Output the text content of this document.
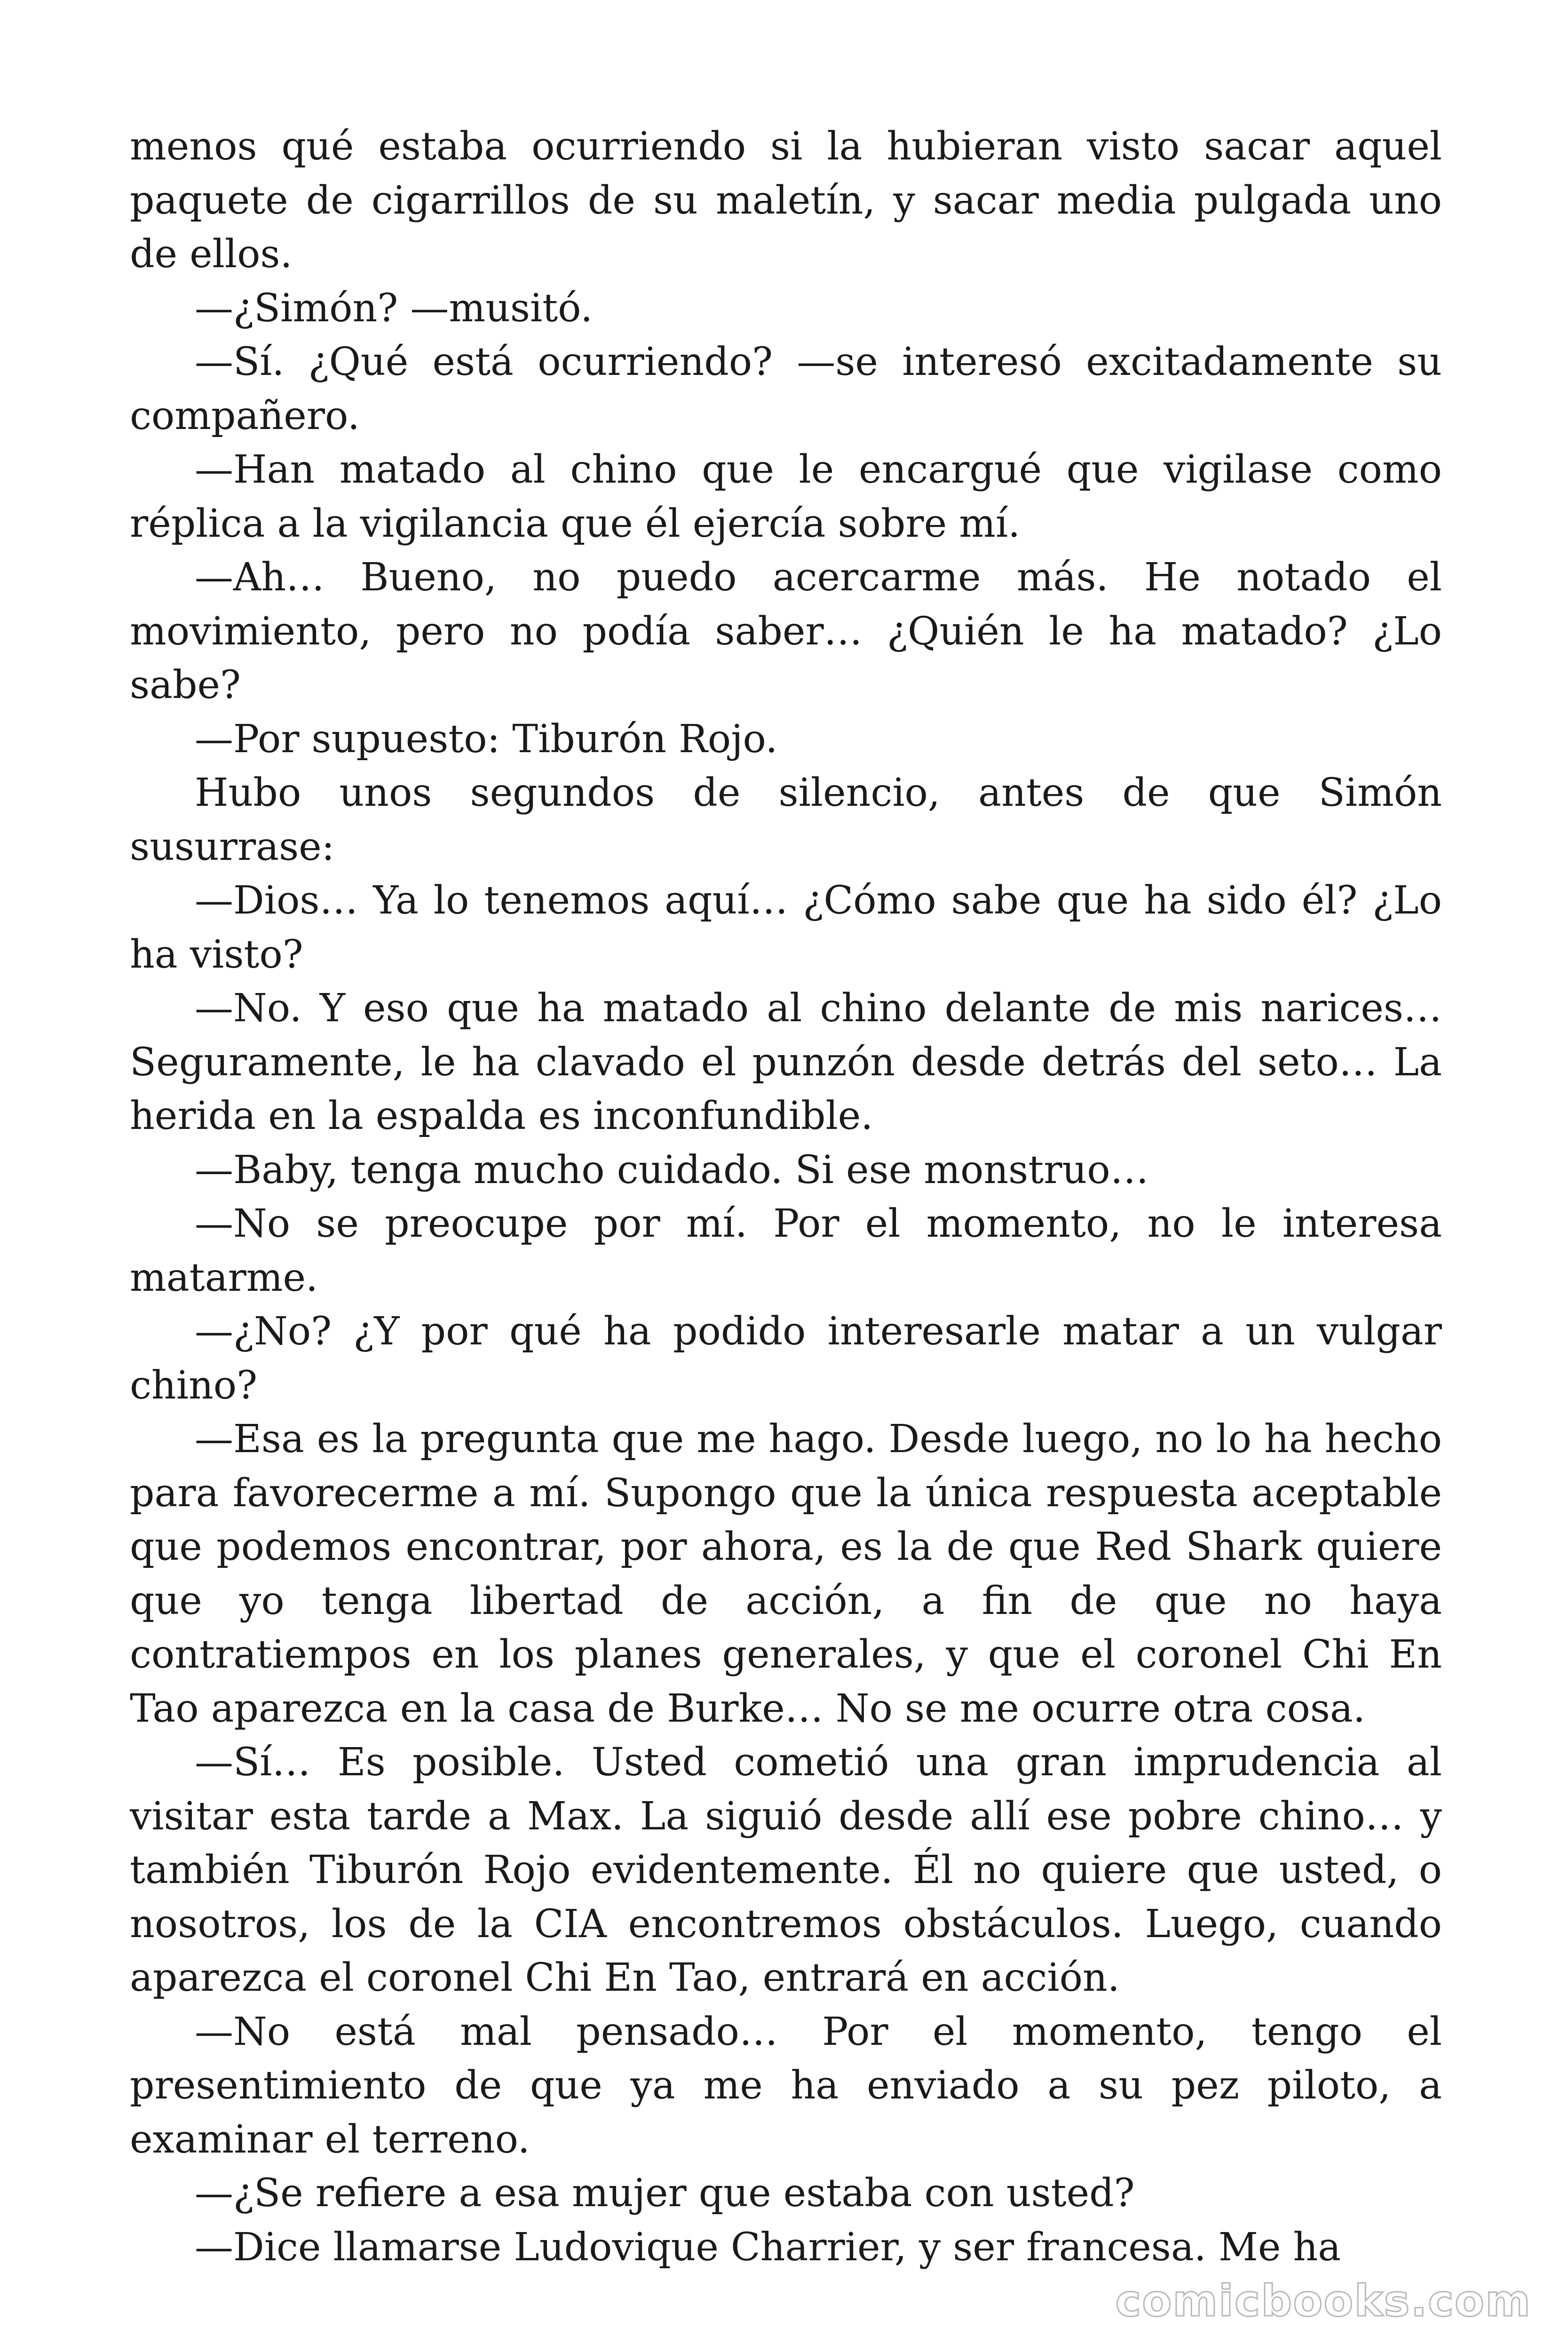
menos qué estaba ocurriendo si la hubieran visto sacar aquel paquete de cigarrillos de su maletín, y sacar media pulgada uno de ellos.

—¿Simón? —musitó.

—Sí. ¿Qué está ocurriendo? —se interesó excitadamente su compañero.

—Han matado al chino que le encargué que vigilase como réplica a la vigilancia que él ejercía sobre mí.

—Ah… Bueno, no puedo acercarme más. He notado el movimiento, pero no podía saber… ¿Quién le ha matado? ¿Lo sabe?

—Por supuesto: Tiburón Rojo.

Hubo unos segundos de silencio, antes de que Simón susurrase:

—Dios… Ya lo tenemos aquí… ¿Cómo sabe que ha sido él? ¿Lo ha visto?

—No. Y eso que ha matado al chino delante de mis narices… Seguramente, le ha clavado el punzón desde detrás del seto… La herida en la espalda es inconfundible.

—Baby, tenga mucho cuidado. Si ese monstruo…

—No se preocupe por mí. Por el momento, no le interesa matarme.

—¿No? ¿Y por qué ha podido interesarle matar a un vulgar chino?

—Esa es la pregunta que me hago. Desde luego, no lo ha hecho para favorecerme a mí. Supongo que la única respuesta aceptable que podemos encontrar, por ahora, es la de que Red Shark quiere que yo tenga libertad de acción, a fin de que no haya contratiempos en los planes generales, y que el coronel Chi En Tao aparezca en la casa de Burke… No se me ocurre otra cosa.

—Sí… Es posible. Usted cometió una gran imprudencia al visitar esta tarde a Max. La siguió desde allí ese pobre chino… y también Tiburón Rojo evidentemente. Él no quiere que usted, o nosotros, los de la CIA encontremos obstáculos. Luego, cuando aparezca el coronel Chi En Tao, entrará en acción.

—No está mal pensado… Por el momento, tengo el presentimiento de que ya me ha enviado a su pez piloto, a examinar el terreno.

—¿Se refiere a esa mujer que estaba con usted?

—Dice llamarse Ludovique Charrier, y ser francesa. Me ha

comicbooks.com
